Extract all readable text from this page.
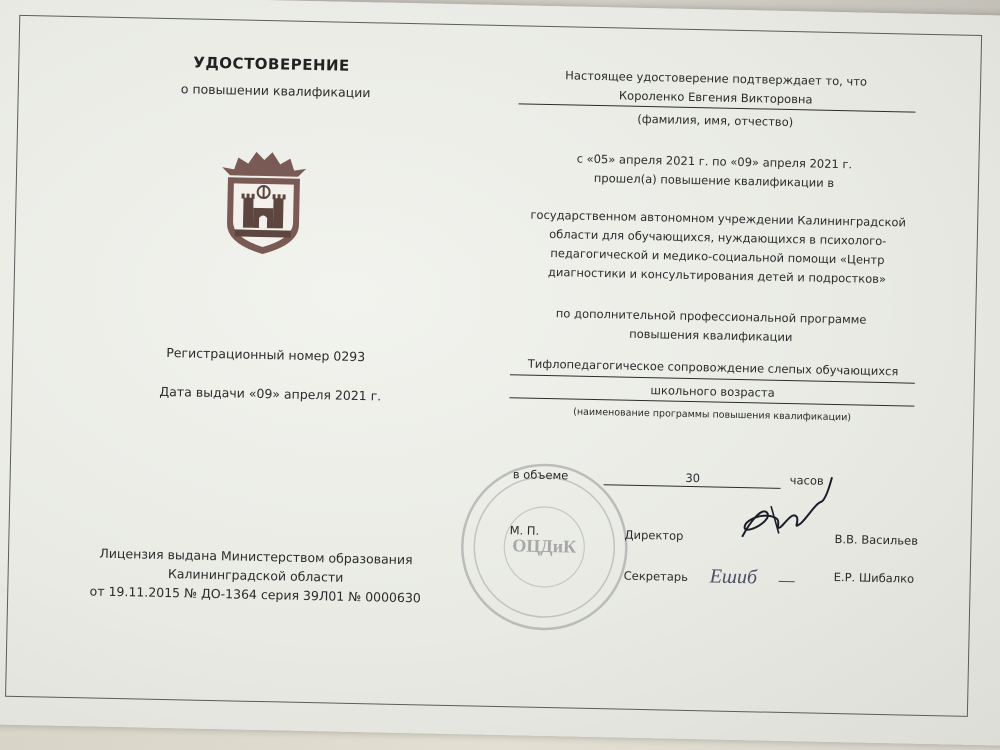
УДОСТОВЕРЕНИЕ
о повышении квалификации
Регистрационный номер 0293
Дата выдачи «09» апреля 2021 г.
Лицензия выдана Министерством образования
Калининградской области
от 19.11.2015 № ДО-1364 серия 39Л01 № 0000630
Настоящее удостоверение подтверждает то, что
Короленко Евгения Викторовна
(фамилия, имя, отчество)
с «05» апреля 2021 г. по «09» апреля 2021 г.
прошел(а) повышение квалификации в
государственном автономном учреждении Калининградской области для обучающихся, нуждающихся в психолого-педагогической и медико-социальной помощи «Центр диагностики и консультирования детей и подростков»
по дополнительной профессиональной программе повышения квалификации
Тифлопедагогическое сопровождение слепых обучающихся
школьного возраста
(наименование программы повышения квалификации)
ОЦДиК
в объеме	30	часов
М. П.	Директор	В.В. Васильев
Секретарь Ешиб	Е.Р. Шибалко
